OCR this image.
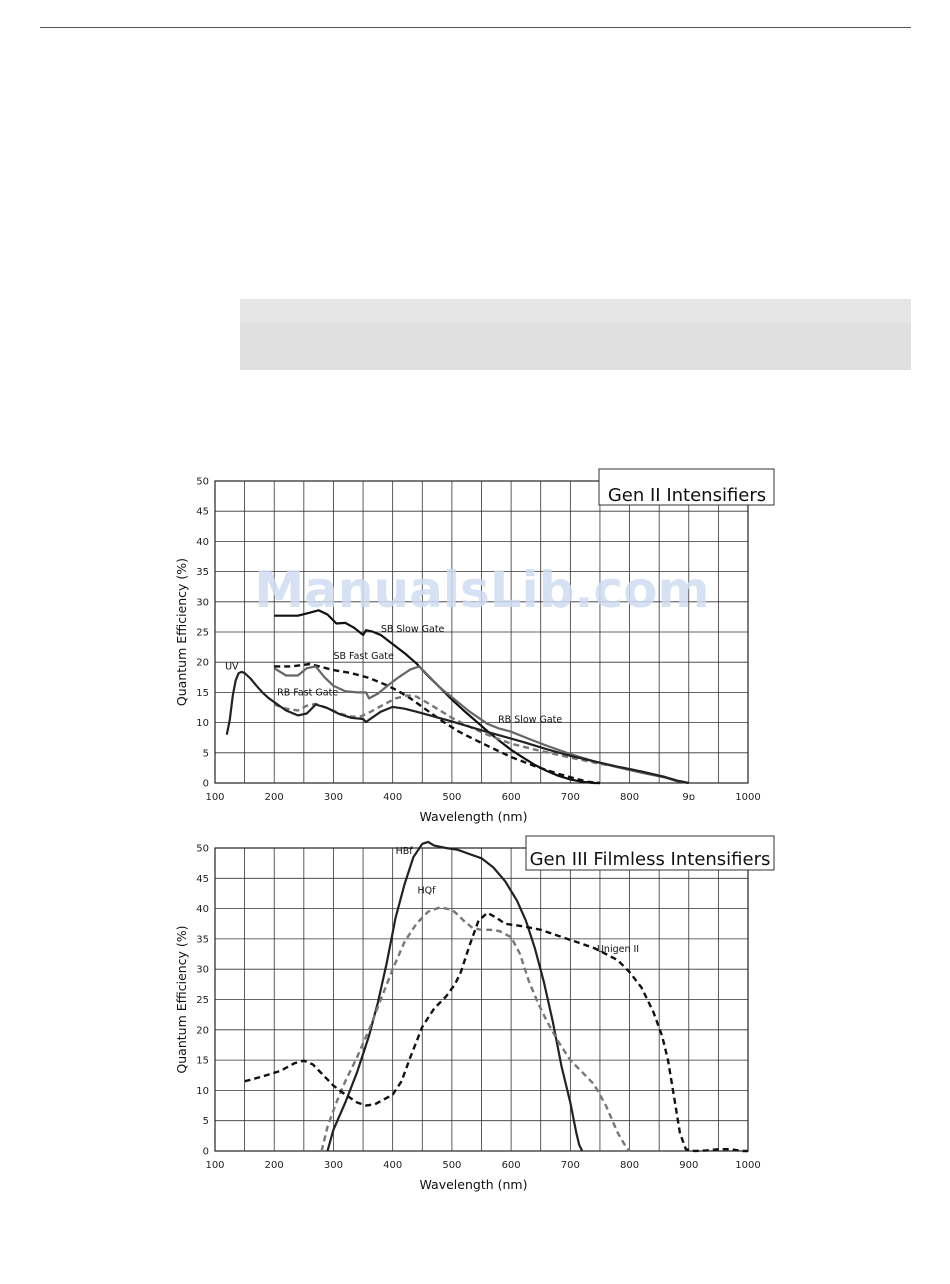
0
5
10
15
20
25
30
35
40
45
50
100	200	300	400	500	600	700	800	9ɒ	1000
Wavelength (nm)
Quantum Efficiency (%)	SB Slow Gate
SB Fast Gate
RB Slow Gate
RB Fast Gate
UV
Gen II Intensifiers
0
5
10
15
20
25
30
35
40
45
50
100	200	300	400	500	600	700	800	900	1000
Wavelength (nm)
Quantum Efficiency (%)
HBf
HQf
Unigen II
Gen III Filmless Intensifiers
ManualsLib.com
